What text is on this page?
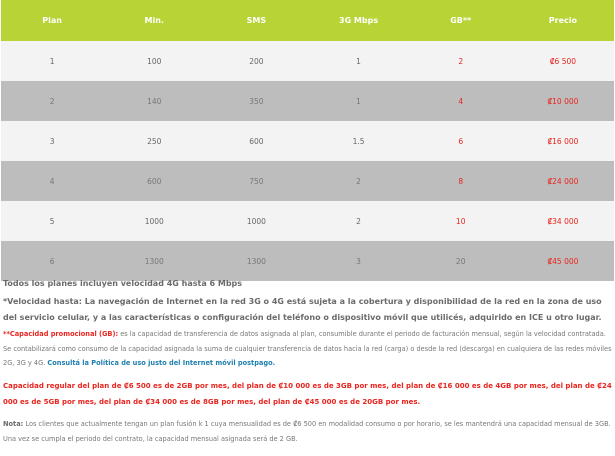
Plan	Min.	SMS	3G Mbps	GB**	Precio
1	100	200	1	2	₡6 500
2	140	350	1	4	₡10 000
3	250	600	1.5	6	₡16 000
4	600	750	2	8	₡24 000
5	1000	1000	2	10	₡34 000
6	1300	1300	3	20	₡45 000

Todos los planes incluyen velocidad 4G hasta 6 Mbps

*Velocidad hasta: La navegación de Internet en la red 3G o 4G está sujeta a la cobertura y disponibilidad de la red en la zona de uso del servicio celular, y a las características o configuración del teléfono o dispositivo móvil que utilicés, adquirido en ICE u otro lugar.

**Capacidad promocional (GB): es la capacidad de transferencia de datos asignada al plan, consumible durante el periodo de facturación mensual, según la velocidad contratada. Se contabilizará como consumo de la capacidad asignada la suma de cualquier transferencia de datos hacia la red (carga) o desde la red (descarga) en cualquiera de las redes móviles 2G, 3G y 4G. Consultá la Política de uso justo del Internet móvil postpago.

Capacidad regular del plan de ₡6 500 es de 2GB por mes, del plan de ₡10 000 es de 3GB por mes, del plan de ₡16 000 es de 4GB por mes, del plan de ₡24 000 es de 5GB por mes, del plan de ₡34 000 es de 8GB por mes, del plan de ₡45 000 es de 20GB por mes.

Nota: Los clientes que actualmente tengan un plan fusión k 1 cuya mensualidad es de ₡6 500 en modalidad consumo o por horario, se les mantendrá una capacidad mensual de 3GB. Una vez se cumpla el periodo del contrato, la capacidad mensual asignada será de 2 GB.
